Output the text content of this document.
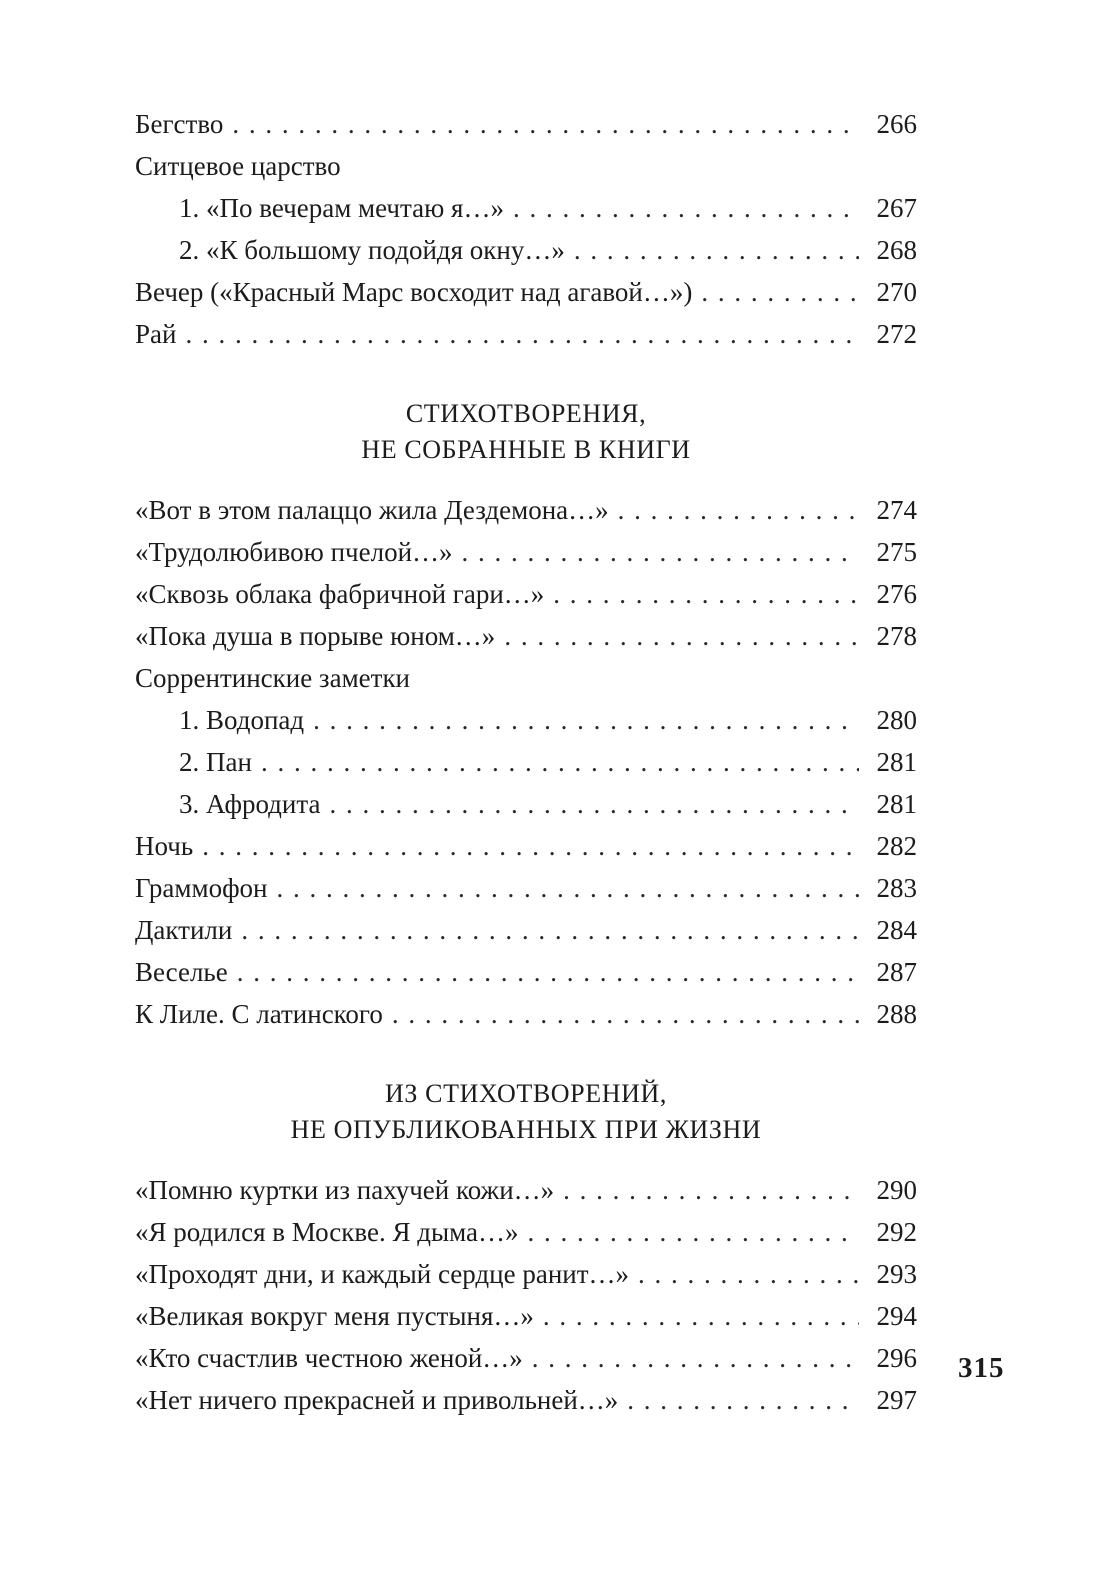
Бегство . . .	266
Ситцевое царство
1. «По вечерам мечтаю я…» . . .	267
2. «К большому подойдя окну…» . . .	268
Вечер («Красный Марс восходит над агавой…») . . .	270
Рай . . .	272
СТИХОТВОРЕНИЯ,
НЕ СОБРАННЫЕ В КНИГИ
«Вот в этом палаццо жила Дездемона…» . . .	274
«Трудолюбивою пчелой…» . . .	275
«Сквозь облака фабричной гари…» . . .	276
«Пока душа в порыве юном…» . . .	278
Соррентинские заметки
1. Водопад . . .	280
2. Пан . . .	281
3. Афродита . . .	281
Ночь . . .	282
Граммофон . . .	283
Дактили . . .	284
Веселье . . .	287
К Лиле. С латинского . . .	288
ИЗ СТИХОТВОРЕНИЙ,
НЕ ОПУБЛИКОВАННЫХ ПРИ ЖИЗНИ
«Помню куртки из пахучей кожи…» . . .	290
«Я родился в Москве. Я дыма…» . . .	292
«Проходят дни, и каждый сердце ранит…» . . .	293
«Великая вокруг меня пустыня…» . . .	294
«Кто счастлив честною женой…» . . .	296
«Нет ничего прекрасней и привольней…» . . .	297
315
